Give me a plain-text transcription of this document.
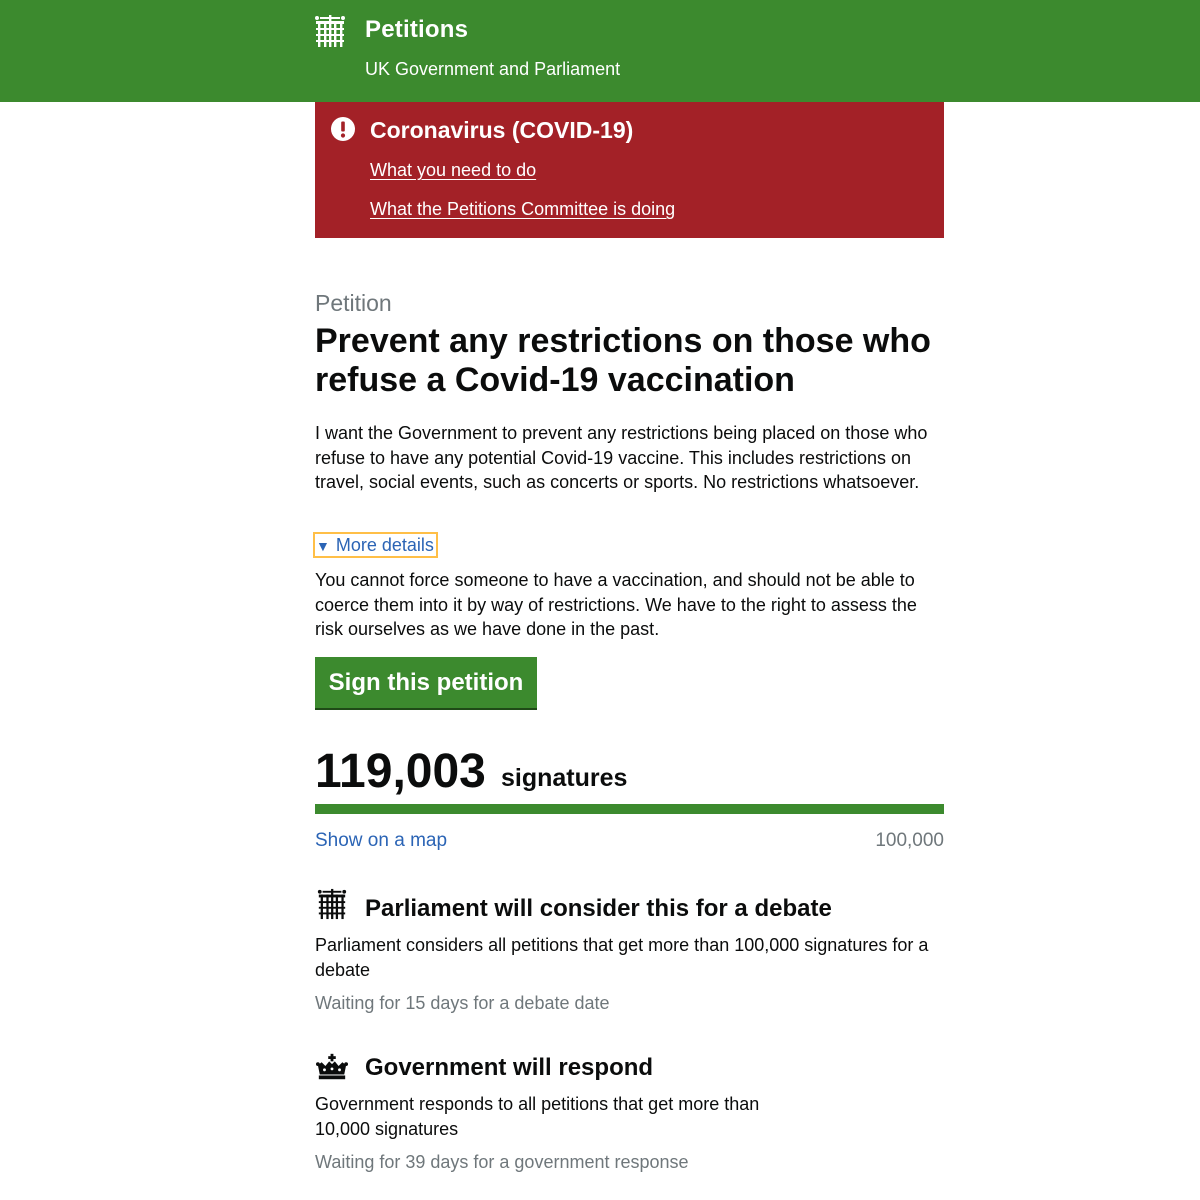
Petitions
UK Government and Parliament
Coronavirus (COVID-19)
What you need to do
What the Petitions Committee is doing
Petition
Prevent any restrictions on those who refuse a Covid-19 vaccination

I want the Government to prevent any restrictions being placed on those who refuse to have any potential Covid-19 vaccine. This includes restrictions on travel, social events, such as concerts or sports. No restrictions whatsoever.

▼ More details

You cannot force someone to have a vaccination, and should not be able to coerce them into it by way of restrictions. We have to the right to assess the risk ourselves as we have done in the past.

Sign this petition
119,003 signatures
Show on a map	100,000
Parliament will consider this for a debate

Parliament considers all petitions that get more than 100,000 signatures for a debate

Waiting for 15 days for a debate date
Government will respond

Government responds to all petitions that get more than 10,000 signatures

Waiting for 39 days for a government response
